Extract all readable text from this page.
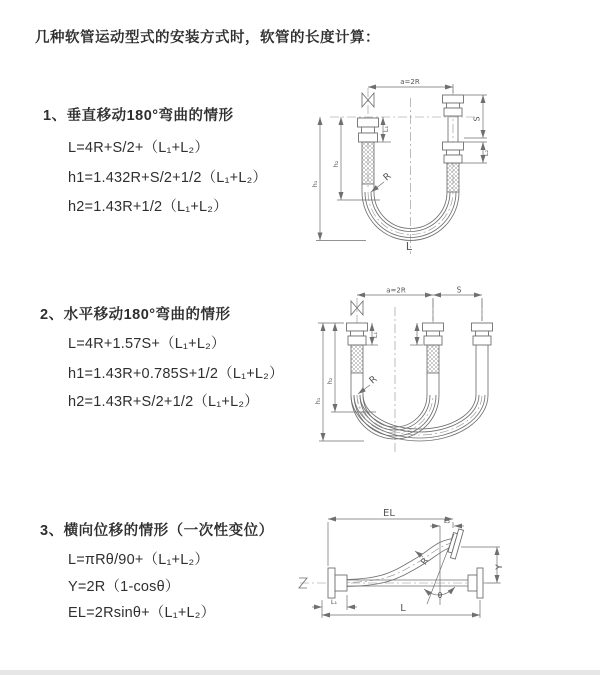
几种软管运动型式的安装方式时，软管的长度计算：
1、垂直移动180°弯曲的情形
L=4R+S/2+（L₁+L₂）
h1=1.432R+S/2+1/2（L₁+L₂）
h2=1.43R+1/2（L₁+L₂）
2、水平移动180°弯曲的情形
L=4R+1.57S+（L₁+L₂）
h1=1.43R+0.785S+1/2（L₁+L₂）
h2=1.43R+S/2+1/2（L₁+L₂）
3、横向位移的情形（一次性变位）
L=πRθ/90+（L₁+L₂）
Y=2R（1-cosθ）
EL=2Rsinθ+（L₁+L₂）
a=2R
S
L₂
L₁
h₁
h₂
R
L
a=2R	S
h₁
h₂
L₁
R
EL
L₂
Y
L
L₁
θ
R
